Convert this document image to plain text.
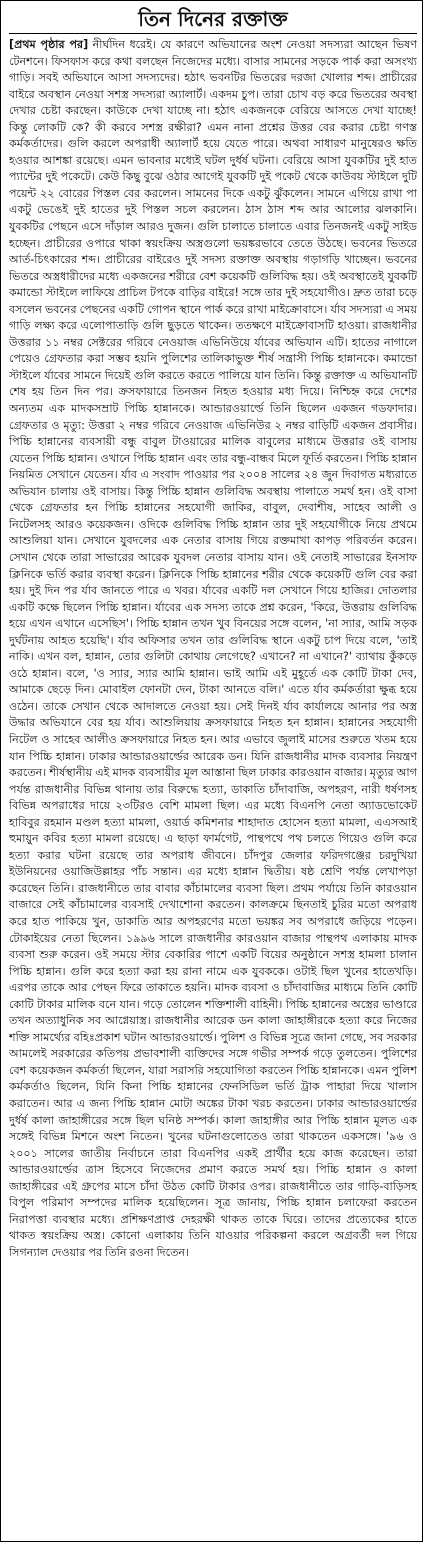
তিন দিনের রক্তাক্ত

[প্রথম পৃষ্ঠার পর] নীর্ঘদিন ধরেই। যে কারণে অভিযানের অংশ নেওয়া সদস্যরা আছেন ভিষণ টেনশনে। ফিসফাস করে কথা বলছেন নিজেদের মধ্যে। বাসার সামনের সড়কে পার্ক করা অসংখ্য গাড়ি। সবই অভিযানে আসা সদস্যদের। হঠাৎ ভবনটির ভিতরের দরজা খোলার শব্দ। প্রাচীরের বাইরে অবস্থান নেওয়া সশস্ত্র সদস্যরা অ্যালার্ট। একদম চুপ। তারা চোখ বড় করে ভিতরের অবস্থা দেখার চেষ্টা করছেন। কাউকে দেখা যাচ্ছে না। হঠাৎ একজনকে বেরিয়ে আসতে দেখা যাচ্ছে! কিন্তু লোকটি কে? কী করবে সশস্ত্র রক্ষীরা? এমন নানা প্রশ্নের উত্তর বের করার চেষ্টা গণস্ত কর্মকর্তাদের। গুলি করলে অপরাধী অ্যালার্ট হয়ে যেতে পারে। অথবা সাধারণ মানুষেরও ক্ষতি হওয়ার আশঙ্কা রয়েছে। এমন ভাবনার মধ্যেই ঘটল দুর্ধর্ষ ঘটনা। বেরিয়ে আসা যুবকটির দুই হাত প্যান্টের দুই পকেটে। কেউ কিছু বুঝে ওঠার আগেই যুবকটি দুই পকেট থেকে কাউবয় স্টাইলে দুটি পয়েন্ট ২২ বোরের পিস্তল বের করলেন। সামনের দিকে একটু ঝুঁকলেন। সামনে এগিয়ে রাখা পা একটু ভেঙেই দুই হাতের দুই পিস্তল সচল করলেন। ঠাস ঠাস শব্দ আর আলোর ঝলকানি। যুবকটির পেছনে এসে দাঁড়াল আরও দুজন। গুলি চালাতে চালাতে এবার তিনজনই একটু সাইড হচ্ছেন। প্রাচীরের ওপারে থাকা স্বয়ংক্রিয় অস্ত্রগুলো ভয়ঙ্করভাবে তেতে উঠছে। ভবনের ভিতরে আর্ত-চিৎকারের শব্দ। প্রাচীরের বাইরেও দুই সদস্য রক্তাক্ত অবস্থায় গড়াগড়ি খাচ্ছেন। ভবনের ভিতরে অস্ত্রধারীদের মধ্যে একজনের শরীরে বেশ কয়েকটি গুলিবিদ্ধ হয়। ওই অবস্থাতেই যুবকটি কমান্ডো স্টাইলে লাফিয়ে প্রাচিল টপকে বাড়ির বাইরে! সঙ্গে তার দুই সহযোগীও। দ্রুত তারা চড়ে বসলেন ভবনের পেছনের একটি গোপন স্থানে পার্ক করে রাখা মাইক্রোবাসে। র্যাব সদস্যরা এ সময় গাড়ি লক্ষ্য করে এলোপাতাড়ি গুলি ছুড়তে থাকেন। ততক্ষণে মাইক্রোবাসটি হাওয়া। রাজধানীর উত্তরার ১১ নম্বর সেক্টরের গরিবে নেওয়াজ এভিনিউয়ে র্যাবের অভিযান এটি। হাতের নাগালে পেয়েও গ্রেফতার করা সম্ভব হয়নি পুলিশের তালিকাভুক্ত শীর্ষ সন্ত্রাসী পিচ্চি হান্নানকে। কমান্ডো স্টাইলে র্যাবের সামনে দিয়েই গুলি করতে করতে পালিয়ে যান তিনি। কিন্তু রক্তাক্ত এ অভিযানটি শেষ হয় তিন দিন পর। ক্রসফায়ারে তিনজন নিহত হওয়ার মধ্য দিয়ে। নিশ্চিহ্ন করে দেশের অন্যতম এক মাদকসম্রাট পিচ্চি হান্নানকে। আন্ডারওয়ার্ল্ডে তিনি ছিলেন একজন গডফাদার। গ্রেফতার ও মৃত্যু: উত্তরা ২ নম্বর গরিবে নেওয়াজ এভিনিউর ২ নম্বর বাড়িটি একজন প্রবাসীর। পিচ্চি হান্নানের ব্যবসায়ী বন্ধু বাবুল টাওয়ারের মালিক বাবুলের মাধ্যমে উত্তরার ওই বাসায় যেতেন পিচ্চি হান্নান। ওখানে পিচ্চি হান্নান এবং তার বন্ধু-বান্ধব মিলে ফূর্তি করতেন। পিচ্চি হান্নান নিয়মিত সেখানে যেতেন। র্যাব এ সংবাদ পাওয়ার পর ২০০৪ সালের ২৪ জুন দিবাগত মধ্যরাতে অভিযান চালায় ওই বাসায়। কিন্তু পিচ্চি হান্নান গুলিবিদ্ধ অবস্থায় পালাতে সমর্থ হন। ওই বাসা থেকে গ্রেফতার হন পিচ্চি হান্নানের সহযোগী জাকির, বাবুল, দেবাশীষ, সাহেব আলী ও নিটেলসহ আরও কয়েকজন। ওদিকে গুলিবিদ্ধ পিচ্চি হান্নান তার দুই সহযোগীকে নিয়ে প্রথমে আশুলিয়া যান। সেখানে যুবদলের এক নেতার বাসায় গিয়ে রক্তমাখা কাপড় পরিবর্তন করেন। সেখান থেকে তারা সাভারের আরেক যুবদল নেতার বাসায় যান। ওই নেতাই সাভারের ইনসাফ ক্লিনিকে ভর্তি করার ব্যবস্থা করেন। ক্লিনিকে পিচ্চি হান্নানের শরীর থেকে কয়েকটি গুলি বের করা হয়। দুই দিন পর র্যাব জানতে পারে এ খবর। র্যাবের একটি দল সেখানে গিয়ে হাজির। দোতলার একটি কক্ষে ছিলেন পিচ্চি হান্নান। র্যাবের এক সদস্য তাকে প্রশ্ন করেন, 'কিরে, উত্তরায় গুলিবিদ্ধ হয়ে এখন এখানে এসেছিস'। পিচ্চি হান্নান তখন খুব বিনয়ের সঙ্গে বলেন, 'না স্যার, আমি সড়ক দুর্ঘটনায় আহত হয়েছি'। র্যাব অফিসার তখন তার গুলিবিদ্ধ স্থানে একটু চাপ দিয়ে বলে, 'তাই নাকি। এখন বল, হান্নান, তোর গুলিটা কোথায় লেগেছে? এখানে? না এখানে?' ব্যাথায় কুঁকড়ে ওঠে হান্নান। বলে, 'ও স্যার, স্যার আমি হান্নান। ভাই আমি এই মুহূর্তে এক কোটি টাকা দেব, আমাকে ছেড়ে দিন। মোবাইল ফোনটা দেন, টাকা আনতে বলি।' এতে র্যাব কর্মকর্তারা ক্ষুব্ধ হয়ে ওঠেন। তাকে সেখান থেকে আদালতে নেওয়া হয়। সেই দিনই র্যাব কার্যালয়ে আনার পর অস্ত্র উদ্ধার অভিযানে বের হয় র্যাব। আশুলিয়ায় ক্রসফায়ারে নিহত হন হান্নান। হান্নানের সহযোগী নিটেল ও সাহেব আলীও ক্রসফায়ারে নিহত হন। আর এভাবে জুলাই মাসের শুরুতে খতম হয়ে যান পিচ্চি হান্নান। ঢাকার আন্ডারওয়ার্ল্ডের আরেক ডন। যিনি রাজধানীর মাদক ব্যবসার নিয়ন্ত্রণ করতেন। শীর্ষস্থানীয় এই মাদক ব্যবসায়ীর মূল আস্তানা ছিল ঢাকার কারওয়ান বাজার। মৃত্যুর আগ পর্যন্ত রাজধানীর বিভিন্ন থানায় তার বিরুদ্ধে হত্যা, ডাকাতি চাঁদাবাজি, অপহরণ, নারী ধর্ষণসহ বিভিন্ন অপরাধের দায়ে ২৩টিরও বেশি মামলা ছিল। এর মধ্যে বিএনপি নেতা অ্যাডভোকেট হাবিবুর রহমান মণ্ডল হত্যা মামলা, ওয়ার্ড কমিশনার শাহাদাত হোসেন হত্যা মামলা, এএসআই হুমায়ুন কবির হত্যা মামলা রয়েছে। এ ছাড়া ফার্মগেট, পান্থপথে পথ চলতে গিয়েও গুলি করে হত্যা করার ঘটনা রয়েছে তার অপরাধ জীবনে। চাঁদপুর জেলার ফরিদগঞ্জের চরদুখিয়া ইউনিয়নের ওয়াজিউল্লাহর পাঁচ সন্তান। এর মধ্যে হান্নান দ্বিতীয়। ষষ্ঠ শ্রেণি পর্যন্ত লেখাপড়া করেছেন তিনি। রাজধানীতে তার বাবার কাঁচামালের ব্যবসা ছিল। প্রথম পর্যায়ে তিনি কারওয়ান বাজারে সেই কাঁচামালের ব্যবসাই দেখাশোনা করতেন। কালক্রমে ছিনতাই চুরির মতো অপরাধ করে হাত পাকিয়ে খুন, ডাকাতি আর অপহরণের মতো ভয়ঙ্কর সব অপরাধে জড়িয়ে পড়েন। টোকাইয়ের নেতা ছিলেন। ১৯৯৬ সালে রাজধানীর কারওয়ান বাজার পান্থপথ এলাকায় মাদক ব্যবসা শুরু করেন। ওই সময়ে স্টার বেকারির পাশে একটি বিয়ের অনুষ্ঠানে সশস্ত্র হামলা চালান পিচ্চি হান্নান। গুলি করে হত্যা করা হয় রানা নামে এক যুবককে। ওটাই ছিল খুনের হাতেখড়ি। এরপর তাকে আর পেছন ফিরে তাকাতে হয়নি। মাদক ব্যবসা ও চাঁদাবাজির মাধ্যমে তিনি কোটি কোটি টাকার মালিক বনে যান। গড়ে তোলেন শক্তিশালী বাহিনী। পিচ্চি হান্নানের অস্ত্রের ভাণ্ডারে তখন অত্যাধুনিক সব আগ্নেয়াস্ত্র। রাজধানীর আরেক ডন কালা জাহাঙ্গীরকে হত্যা করে নিজের শক্তি সামর্থ্যের বহিঃপ্রকাশ ঘটান আন্ডারওয়ার্ল্ডে। পুলিশ ও বিভিন্ন সূত্রে জানা গেছে, সব সরকার আমলেই সরকারের কতিপয় প্রভাবশালী ব্যক্তিদের সঙ্গে গভীর সম্পর্ক গড়ে তুলতেন। পুলিশের বেশ কয়েকজন কর্মকর্তা ছিলেন, যারা সরাসরি সহযোগিতা করতেন পিচ্চি হান্নানকে। এমন পুলিশ কর্মকর্তাও ছিলেন, যিনি কিনা পিচ্চি হান্নানের ফেনসিডিল ভর্তি ট্রাক পাহারা দিয়ে খালাস করাতেন। আর এ জন্য পিচ্চি হান্নান মোটা অঙ্কের টাকা খরচ করতেন। ঢাকার আন্ডারওয়ার্ল্ডের দুর্ধর্ষ কালা জাহাঙ্গীরের সঙ্গে ছিল ঘনিষ্ঠ সম্পর্ক। কালা জাহাঙ্গীর আর পিচ্চি হান্নান মূলত এক সঙ্গেই বিভিন্ন মিশনে অংশ নিতেন। খুনের ঘটনাগুলোতেও তারা থাকতেন একসঙ্গে। '৯৬ ও ২০০১ সালের জাতীয় নির্বাচনে তারা বিএনপির একই প্রার্থীর হয়ে কাজ করেছেন। তারা আন্ডারওয়ার্ল্ডের ত্রাস হিসেবে নিজেদের প্রমাণ করতে সমর্থ হয়। পিচ্চি হান্নান ও কালা জাহাঙ্গীরের এই গ্রুপের মাসে চাঁদা উঠত কোটি টাকার ওপর। রাজধানীতে তার গাড়ি-বাড়িসহ বিপুল পরিমাণ সম্পদের মালিক হয়েছিলেন। সূত্র জানায়, পিচ্চি হান্নান চলাফেরা করতেন নিরাপত্তা ব্যবস্থার মধ্যে। প্রশিক্ষণপ্রাপ্ত দেহরক্ষী থাকত তাকে ঘিরে। তাদের প্রত্যেকের হাতে থাকত স্বয়ংক্রিয় অস্ত্র। কোনো এলাকায় তিনি যাওয়ার পরিকল্পনা করলে অগ্রবর্তী দল গিয়ে সিগন্যাল দেওয়ার পর তিনি রওনা দিতেন।
